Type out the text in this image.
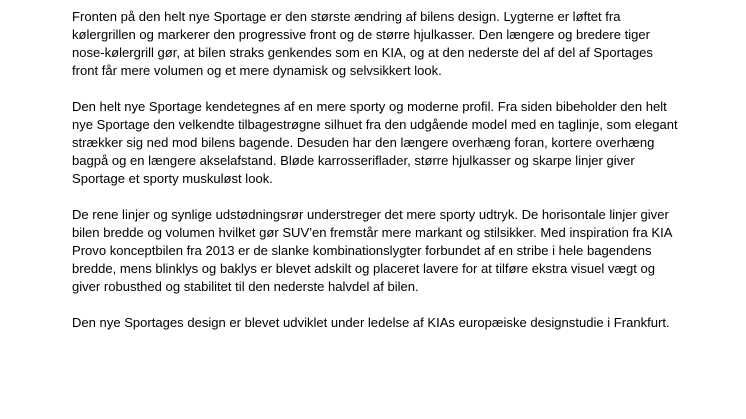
Fronten på den helt nye Sportage er den største ændring af bilens design. Lygterne er løftet fra kølergrillen og markerer den progressive front og de større hjulkasser. Den længere og bredere tiger nose-kølergrill gør, at bilen straks genkendes som en KIA, og at den nederste del af del af Sportages front får mere volumen og et mere dynamisk og selvsikkert look.

Den helt nye Sportage kendetegnes af en mere sporty og moderne profil. Fra siden bibeholder den helt nye Sportage den velkendte tilbagestrøgne silhuet fra den udgående model med en taglinje, som elegant strækker sig ned mod bilens bagende. Desuden har den længere overhæng foran, kortere overhæng bagpå og en længere akselafstand. Bløde karrosseriflader, større hjulkasser og skarpe linjer giver Sportage et sporty muskuløst look.

De rene linjer og synlige udstødningsrør understreger det mere sporty udtryk. De horisontale linjer giver bilen bredde og volumen hvilket gør SUV’en fremstår mere markant og stilsikker. Med inspiration fra KIA Provo konceptbilen fra 2013 er de slanke kombinationslygter forbundet af en stribe i hele bagendens bredde, mens blinklys og baklys er blevet adskilt og placeret lavere for at tilføre ekstra visuel vægt og giver robusthed og stabilitet til den nederste halvdel af bilen.

Den nye Sportages design er blevet udviklet under ledelse af KIAs europæiske designstudie i Frankfurt.
